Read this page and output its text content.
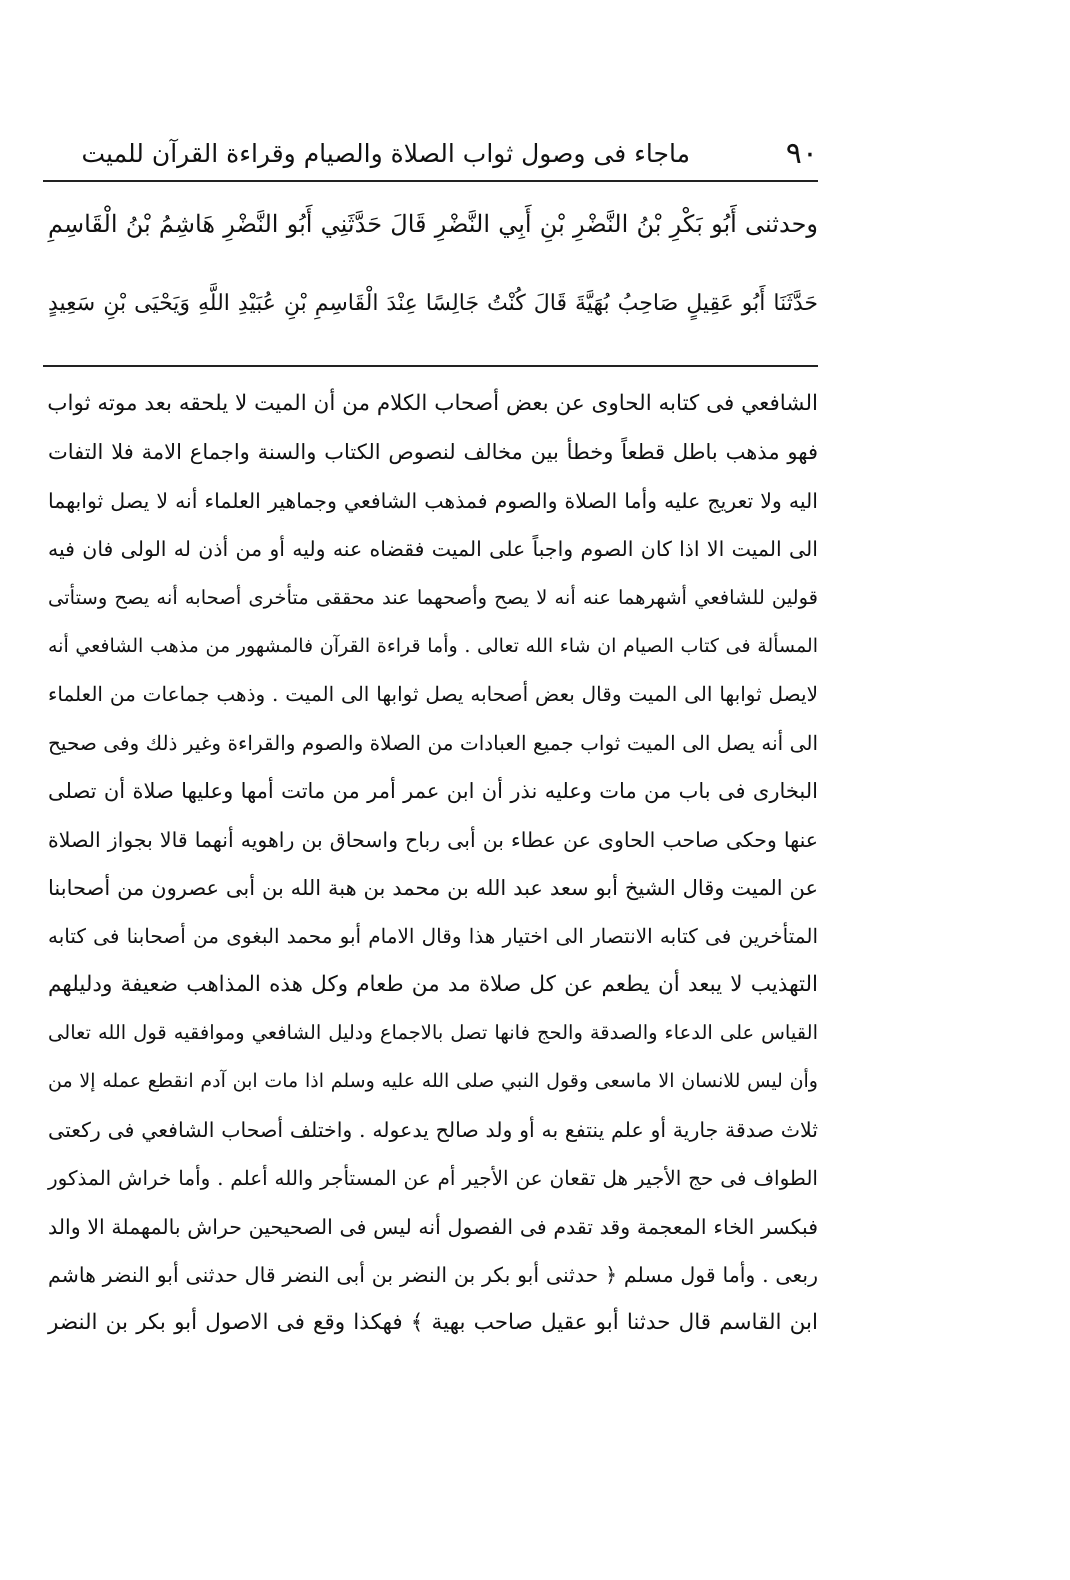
٩٠
ماجاء فى وصول ثواب الصلاة والصيام وقراءة القرآن للميت
وحدثنى أَبُو بَكْرِ بْنُ النَّضْرِ بْنِ أَبِي النَّضْرِ قَالَ حَدَّثَنِي أَبُو النَّضْرِ هَاشِمُ بْنُ الْقَاسِمِ
حَدَّثَنَا أَبُو عَقِيلٍ صَاحِبُ بُهَيَّةَ قَالَ كُنْتُ جَالِسًا عِنْدَ الْقَاسِمِ بْنِ عُبَيْدِ اللَّهِ وَيَحْيَى بْنِ سَعِيدٍ
الشافعي فى كتابه الحاوى عن بعض أصحاب الكلام من أن الميت لا يلحقه بعد موته ثواب
فهو مذهب باطل قطعاً وخطأ بين مخالف لنصوص الكتاب والسنة واجماع الامة فلا التفات
اليه ولا تعريج عليه وأما الصلاة والصوم فمذهب الشافعي وجماهير العلماء أنه لا يصل ثوابهما
الى الميت الا اذا كان الصوم واجباً على الميت فقضاه عنه وليه أو من أذن له الولى فان فيه
قولين للشافعي أشهرهما عنه أنه لا يصح وأصحهما عند محققى متأخرى أصحابه أنه يصح وستأتى
المسألة فى كتاب الصيام ان شاء الله تعالى . وأما قراءة القرآن فالمشهور من مذهب الشافعي أنه
لايصل ثوابها الى الميت وقال بعض أصحابه يصل ثوابها الى الميت . وذهب جماعات من العلماء
الى أنه يصل الى الميت ثواب جميع العبادات من الصلاة والصوم والقراءة وغير ذلك وفى صحيح
البخارى فى باب من مات وعليه نذر أن ابن عمر أمر من ماتت أمها وعليها صلاة أن تصلى
عنها وحكى صاحب الحاوى عن عطاء بن أبى رباح واسحاق بن راهويه أنهما قالا بجواز الصلاة
عن الميت وقال الشيخ أبو سعد عبد الله بن محمد بن هبة الله بن أبى عصرون من أصحابنا
المتأخرين فى كتابه الانتصار الى اختيار هذا وقال الامام أبو محمد البغوى من أصحابنا فى كتابه
التهذيب لا يبعد أن يطعم عن كل صلاة مد من طعام وكل هذه المذاهب ضعيفة ودليلهم
القياس على الدعاء والصدقة والحج فانها تصل بالاجماع ودليل الشافعي وموافقيه قول الله تعالى
وأن ليس للانسان الا ماسعى وقول النبي صلى الله عليه وسلم اذا مات ابن آدم انقطع عمله إلا من
ثلاث صدقة جارية أو علم ينتفع به أو ولد صالح يدعوله . واختلف أصحاب الشافعي فى ركعتى
الطواف فى حج الأجير هل تقعان عن الأجير أم عن المستأجر والله أعلم . وأما خراش المذكور
فبكسر الخاء المعجمة وقد تقدم فى الفصول أنه ليس فى الصحيحين حراش بالمهملة الا والد
ربعى . وأما قول مسلم ﴿ حدثنى أبو بكر بن النضر بن أبى النضر قال حدثنى أبو النضر هاشم
ابن القاسم قال حدثنا أبو عقيل صاحب بهية ﴾ فهكذا وقع فى الاصول أبو بكر بن النضر
